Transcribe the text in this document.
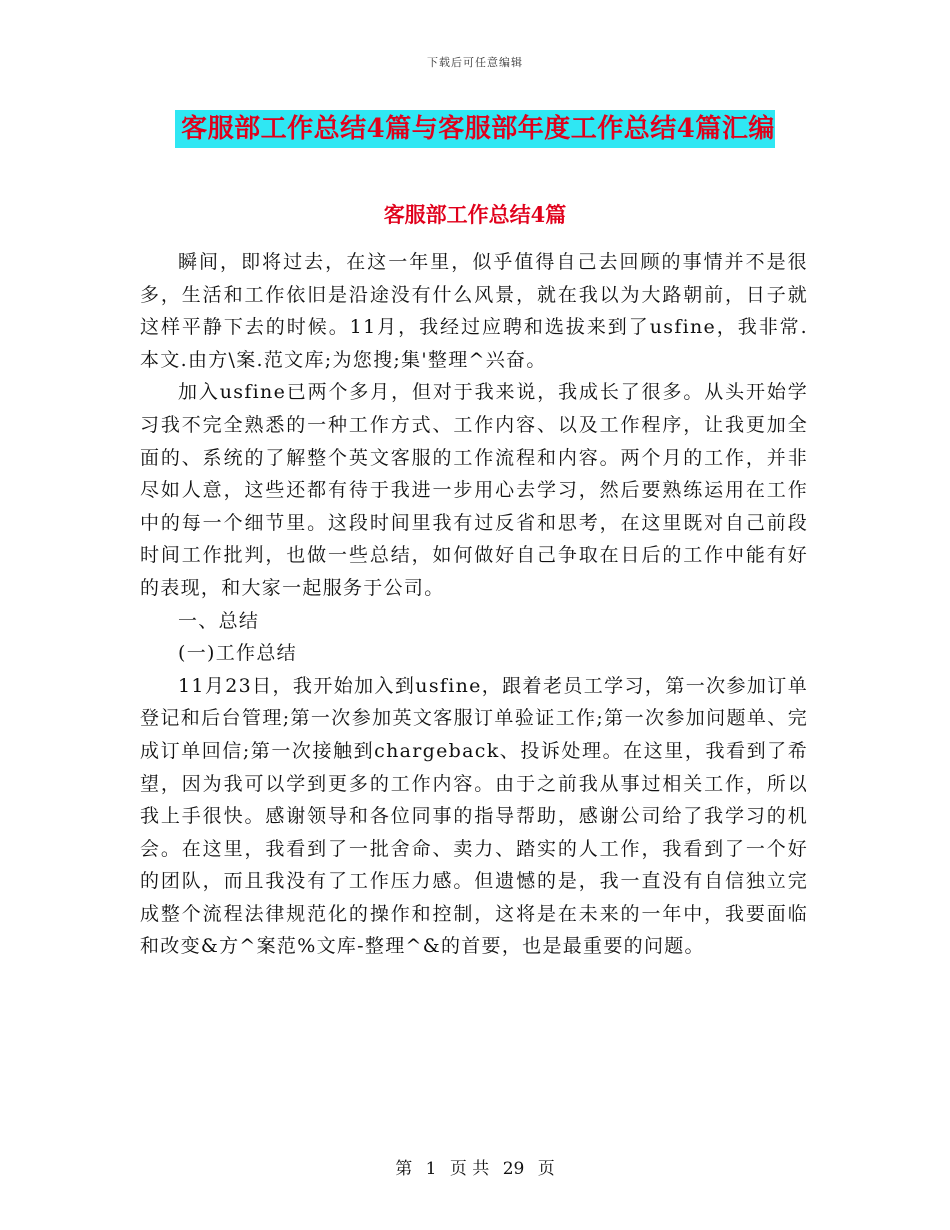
下载后可任意编辑
客服部工作总结4篇与客服部年度工作总结4篇汇编
客服部工作总结4篇

瞬间，即将过去，在这一年里，似乎值得自己去回顾的事情并不是很多，生活和工作依旧是沿途没有什么风景，就在我以为大路朝前，日子就这样平静下去的时候。11月，我经过应聘和选拔来到了usfine，我非常.本文.由方\案.范文库;为您搜;集'整理^兴奋。

加入usfine已两个多月，但对于我来说，我成长了很多。从头开始学习我不完全熟悉的一种工作方式、工作内容、以及工作程序，让我更加全面的、系统的了解整个英文客服的工作流程和内容。两个月的工作，并非尽如人意，这些还都有待于我进一步用心去学习，然后要熟练运用在工作中的每一个细节里。这段时间里我有过反省和思考，在这里既对自己前段时间工作批判，也做一些总结，如何做好自己争取在日后的工作中能有好的表现，和大家一起服务于公司。

一、总结

(一)工作总结

11月23日，我开始加入到usfine，跟着老员工学习，第一次参加订单登记和后台管理;第一次参加英文客服订单验证工作;第一次参加问题单、完成订单回信;第一次接触到chargeback、投诉处理。在这里，我看到了希望，因为我可以学到更多的工作内容。由于之前我从事过相关工作，所以我上手很快。感谢领导和各位同事的指导帮助，感谢公司给了我学习的机会。在这里，我看到了一批舍命、卖力、踏实的人工作，我看到了一个好的团队，而且我没有了工作压力感。但遗憾的是，我一直没有自信独立完成整个流程法律规范化的操作和控制，这将是在未来的一年中，我要面临和改变&方^案范%文库-整理^&的首要，也是最重要的问题。

第 1 页 共 29 页
